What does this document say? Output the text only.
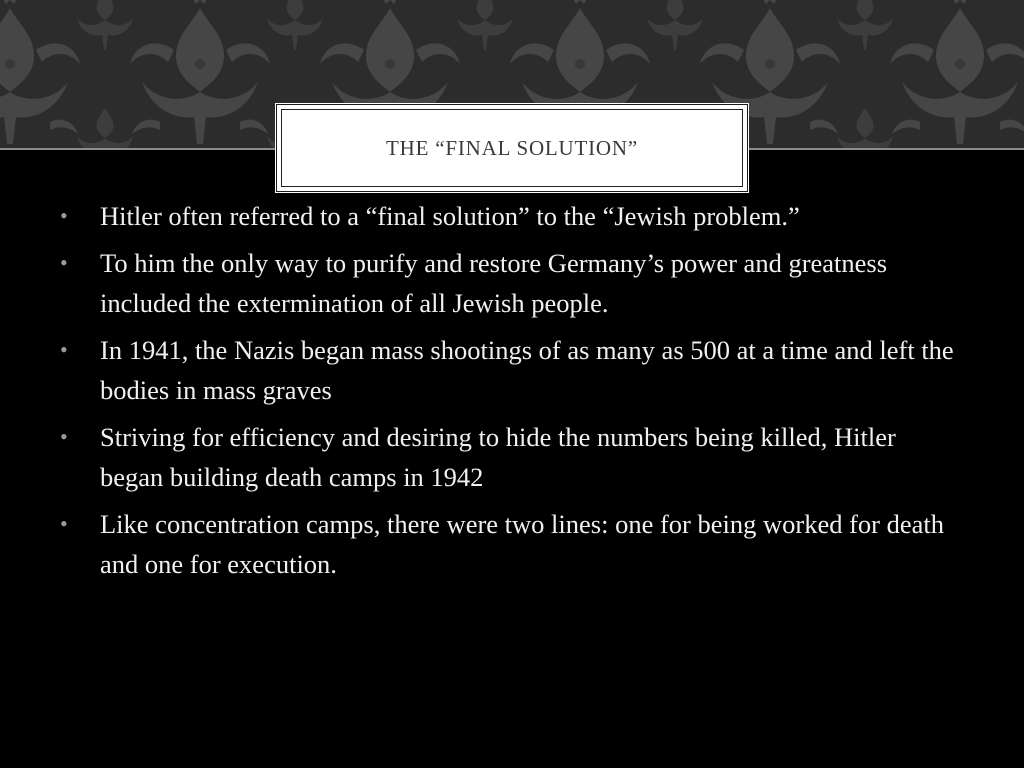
THE “FINAL SOLUTION”
• Hitler often referred to a “final solution” to the “Jewish problem.”
• To him the only way to purify and restore Germany’s power and greatness included the extermination of all Jewish people.
• In 1941, the Nazis began mass shootings of as many as 500 at a time and left the bodies in mass graves
• Striving for efficiency and desiring to hide the numbers being killed, Hitler began building death camps in 1942
• Like concentration camps, there were two lines: one for being worked for death and one for execution.
